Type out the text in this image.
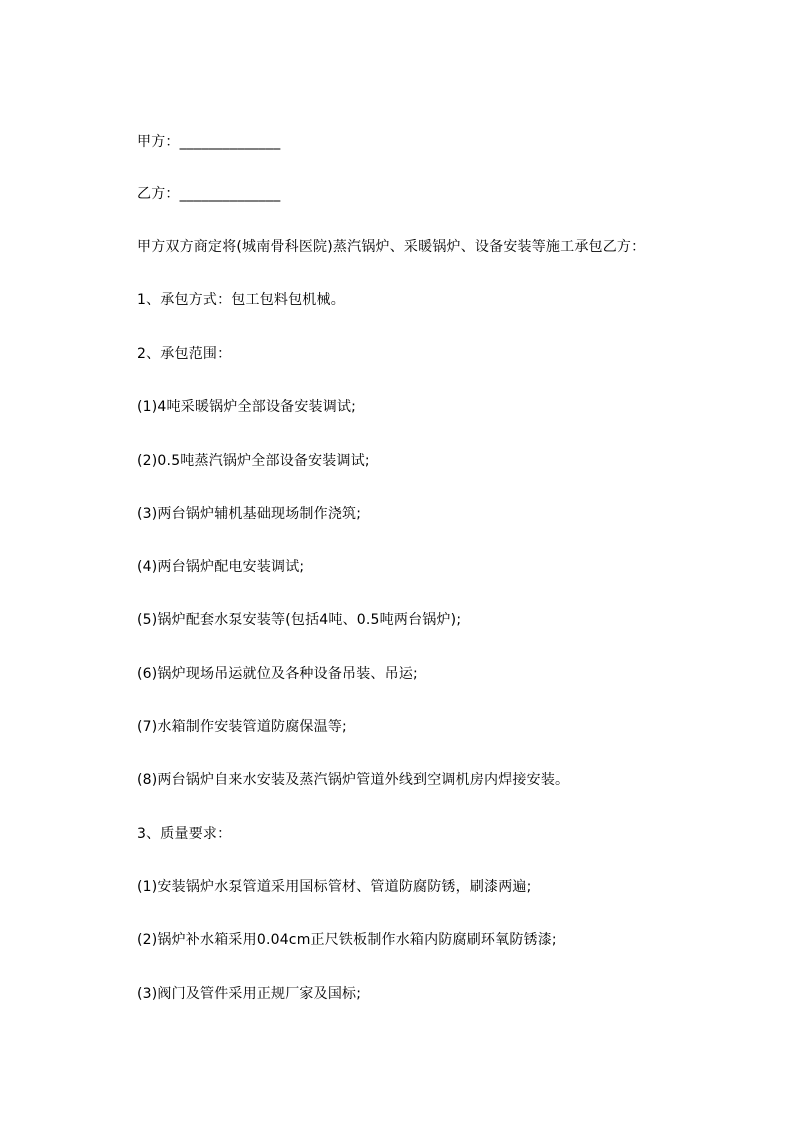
甲方：______________
乙方：______________
甲方双方商定将(城南骨科医院)蒸汽锅炉、采暖锅炉、设备安装等施工承包乙方：
1、承包方式：包工包料包机械。
2、承包范围：
(1)4吨采暖锅炉全部设备安装调试;
(2)0.5吨蒸汽锅炉全部设备安装调试;
(3)两台锅炉辅机基础现场制作浇筑;
(4)两台锅炉配电安装调试;
(5)锅炉配套水泵安装等(包括4吨、0.5吨两台锅炉);
(6)锅炉现场吊运就位及各种设备吊装、吊运;
(7)水箱制作安装管道防腐保温等;
(8)两台锅炉自来水安装及蒸汽锅炉管道外线到空调机房内焊接安装。
3、质量要求：
(1)安装锅炉水泵管道采用国标管材、管道防腐防锈，刷漆两遍;
(2)锅炉补水箱采用0.04cm正尺铁板制作水箱内防腐刷环氧防锈漆;
(3)阀门及管件采用正规厂家及国标;
